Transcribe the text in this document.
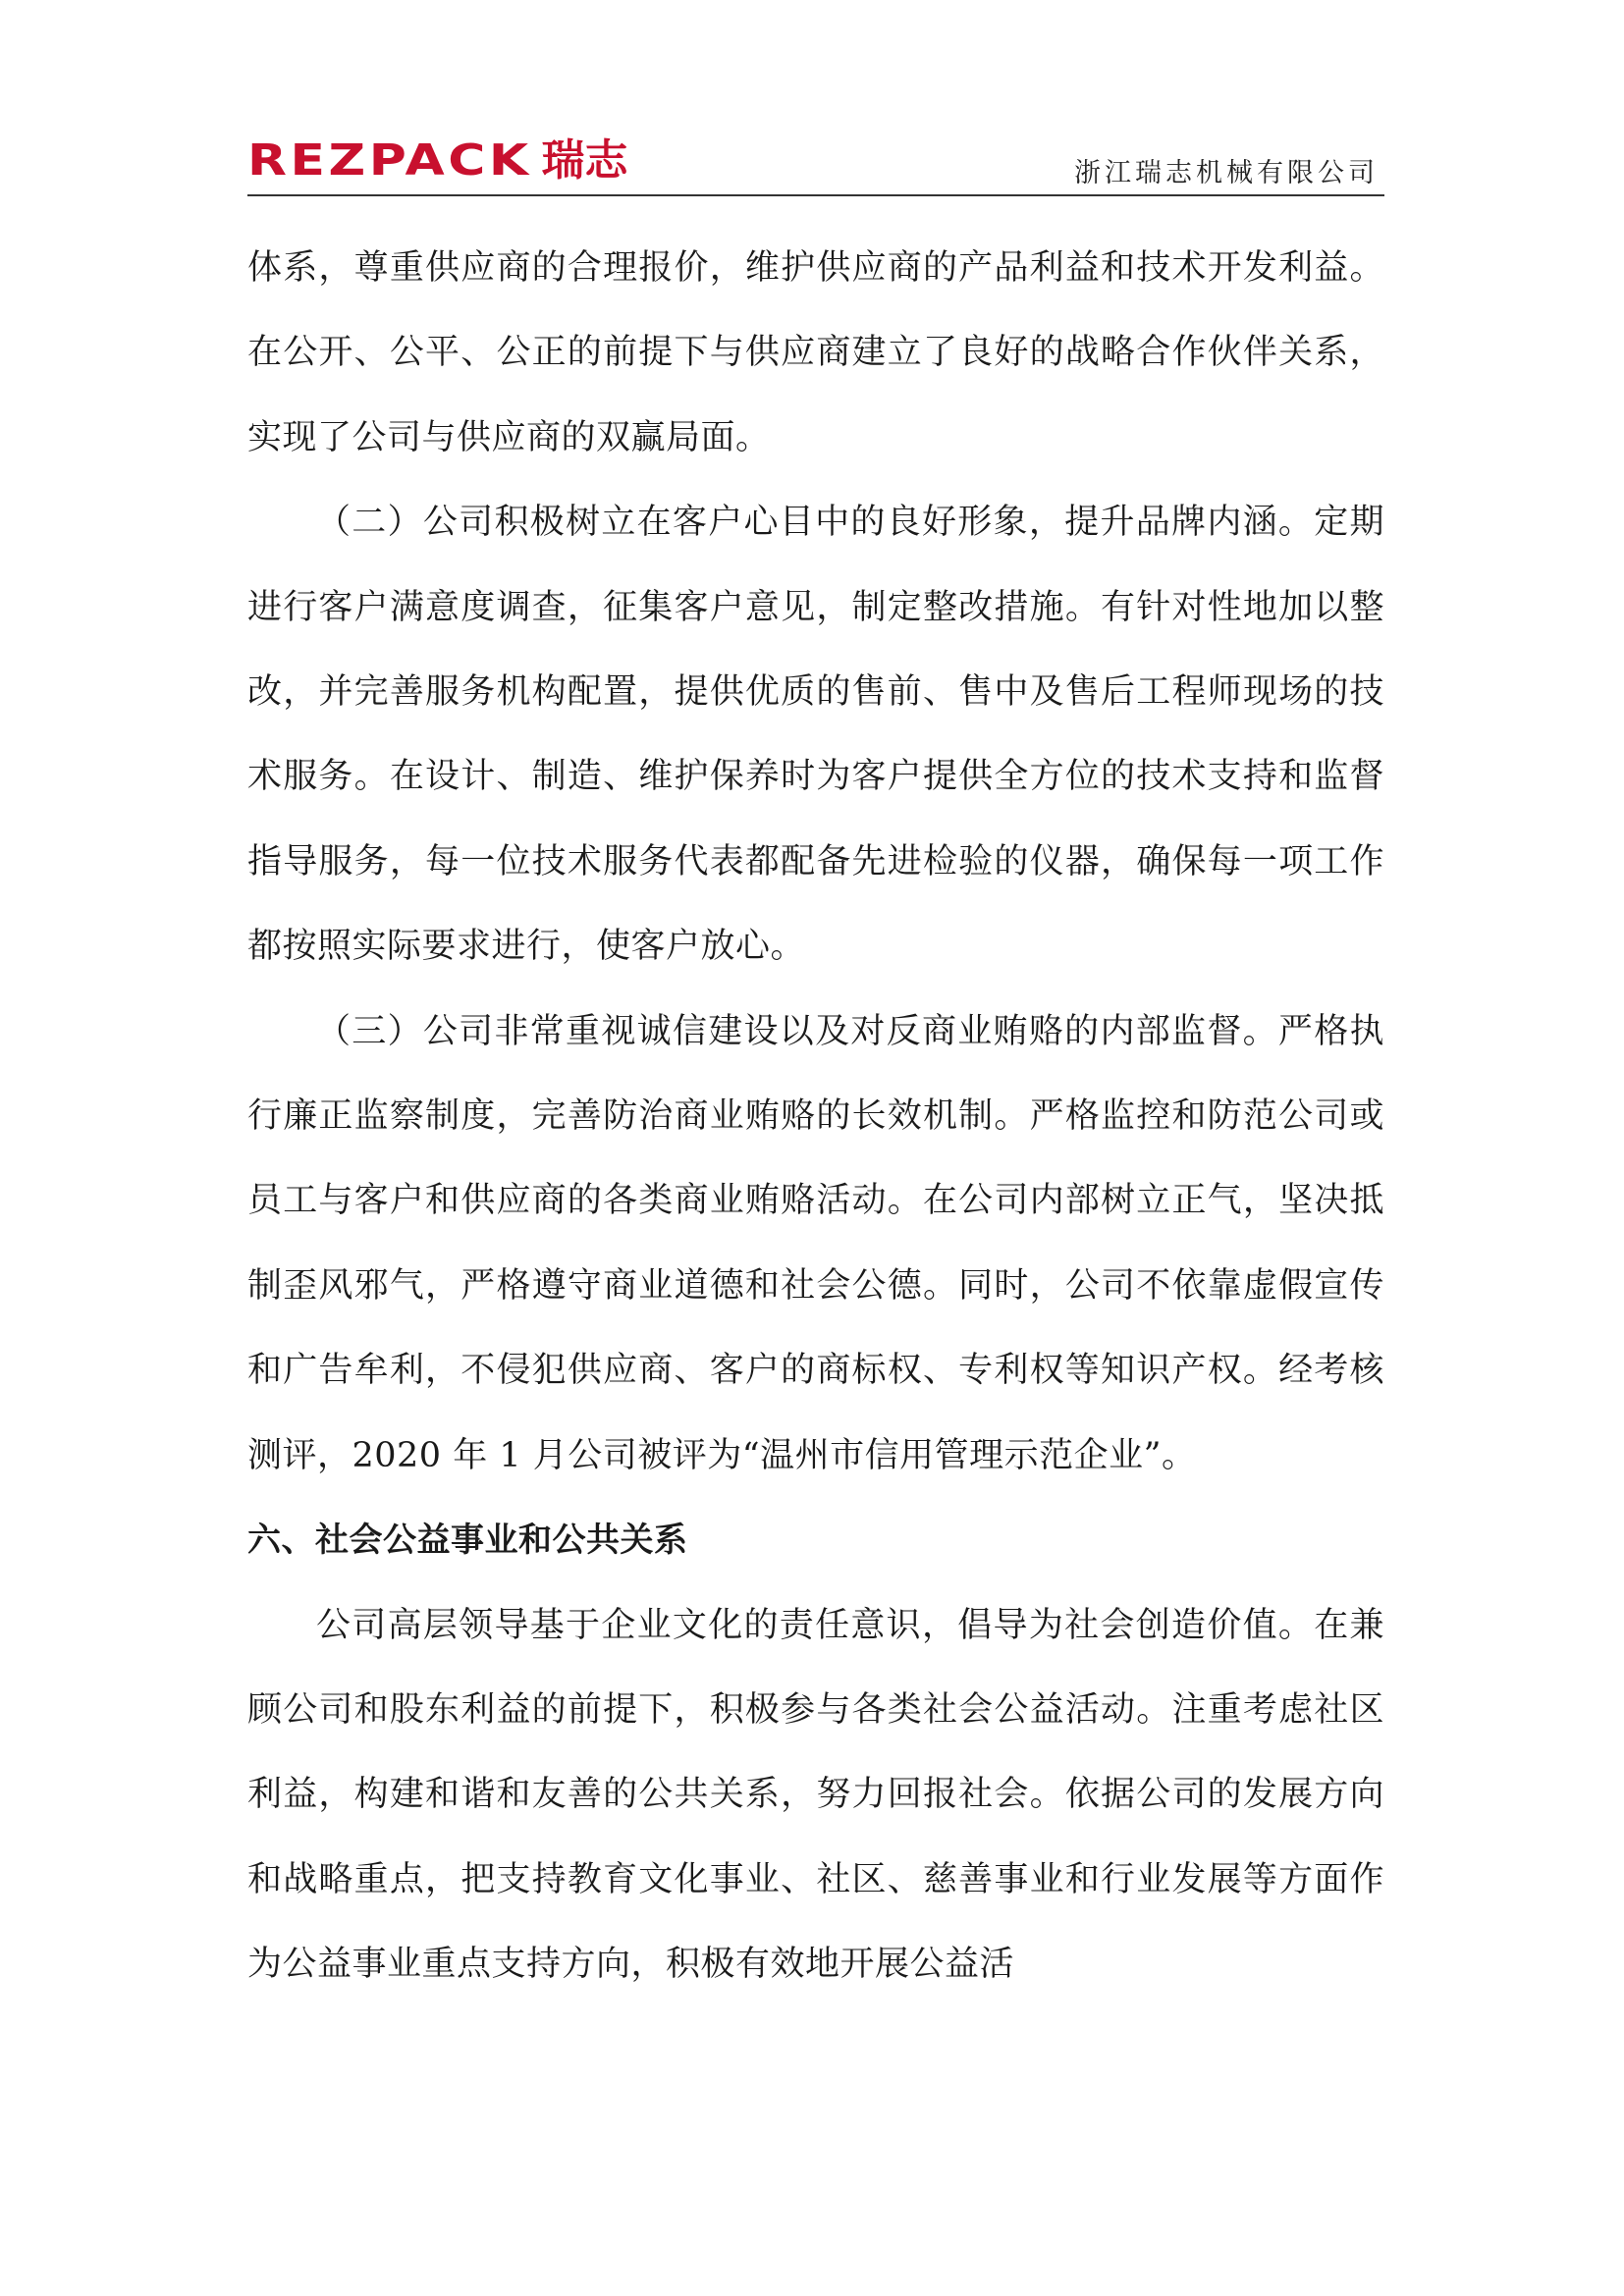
REZPACK 瑞志	浙江瑞志机械有限公司

体系，尊重供应商的合理报价，维护供应商的产品利益和技术开发利益。在公开、公平、公正的前提下与供应商建立了良好的战略合作伙伴关系，实现了公司与供应商的双赢局面。

（二）公司积极树立在客户心目中的良好形象，提升品牌内涵。定期进行客户满意度调查，征集客户意见，制定整改措施。有针对性地加以整改，并完善服务机构配置，提供优质的售前、售中及售后工程师现场的技术服务。在设计、制造、维护保养时为客户提供全方位的技术支持和监督指导服务，每一位技术服务代表都配备先进检验的仪器，确保每一项工作都按照实际要求进行，使客户放心。

（三）公司非常重视诚信建设以及对反商业贿赂的内部监督。严格执行廉正监察制度，完善防治商业贿赂的长效机制。严格监控和防范公司或员工与客户和供应商的各类商业贿赂活动。在公司内部树立正气，坚决抵制歪风邪气，严格遵守商业道德和社会公德。同时，公司不依靠虚假宣传和广告牟利，不侵犯供应商、客户的商标权、专利权等知识产权。经考核测评，2020 年 1 月公司被评为“温州市信用管理示范企业”。

六、社会公益事业和公共关系

公司高层领导基于企业文化的责任意识，倡导为社会创造价值。在兼顾公司和股东利益的前提下，积极参与各类社会公益活动。注重考虑社区利益，构建和谐和友善的公共关系，努力回报社会。依据公司的发展方向和战略重点，把支持教育文化事业、社区、慈善事业和行业发展等方面作为公益事业重点支持方向，积极有效地开展公益活
